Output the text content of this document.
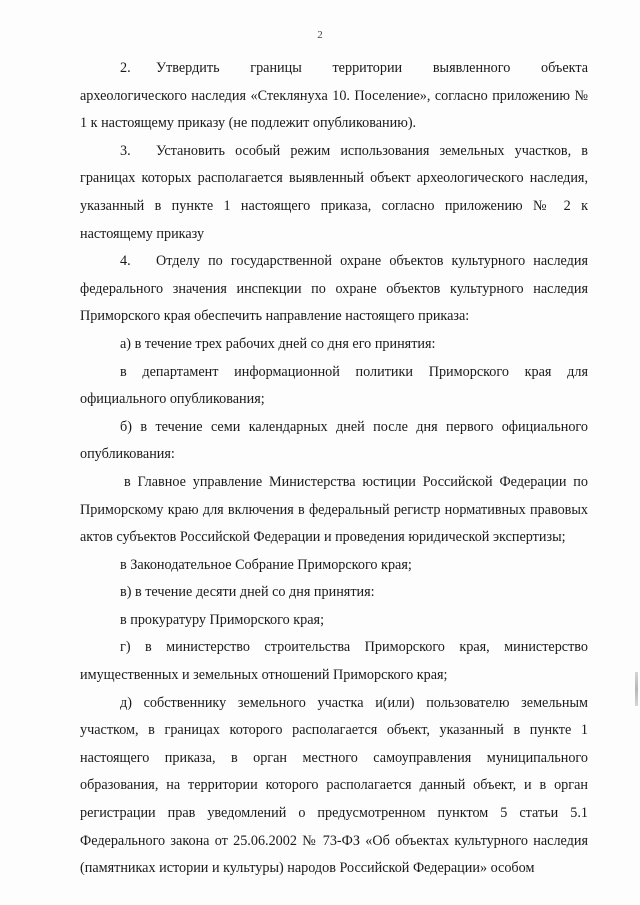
2

2. Утвердить границы территории выявленного объекта археологического наследия «Стеклянуха 10. Поселение», согласно приложению № 1 к настоящему приказу (не подлежит опубликованию).

3. Установить особый режим использования земельных участков, в границах которых располагается выявленный объект археологического наследия, указанный в пункте 1 настоящего приказа, согласно приложению № 2 к настоящему приказу

4. Отделу по государственной охране объектов культурного наследия федерального значения инспекции по охране объектов культурного наследия Приморского края обеспечить направление настоящего приказа:

а) в течение трех рабочих дней со дня его принятия:

в департамент информационной политики Приморского края для официального опубликования;

б) в течение семи календарных дней после дня первого официального опубликования:

в Главное управление Министерства юстиции Российской Федерации по Приморскому краю для включения в федеральный регистр нормативных правовых актов субъектов Российской Федерации и проведения юридической экспертизы;

в Законодательное Собрание Приморского края;

в) в течение десяти дней со дня принятия:

в прокуратуру Приморского края;

г) в министерство строительства Приморского края, министерство имущественных и земельных отношений Приморского края;

д) собственнику земельного участка и(или) пользователю земельным участком, в границах которого располагается объект, указанный в пункте 1 настоящего приказа, в орган местного самоуправления муниципального образования, на территории которого располагается данный объект, и в орган регистрации прав уведомлений о предусмотренном пунктом 5 статьи 5.1 Федерального закона от 25.06.2002 № 73-ФЗ «Об объектах культурного наследия (памятниках истории и культуры) народов Российской Федерации» особом
